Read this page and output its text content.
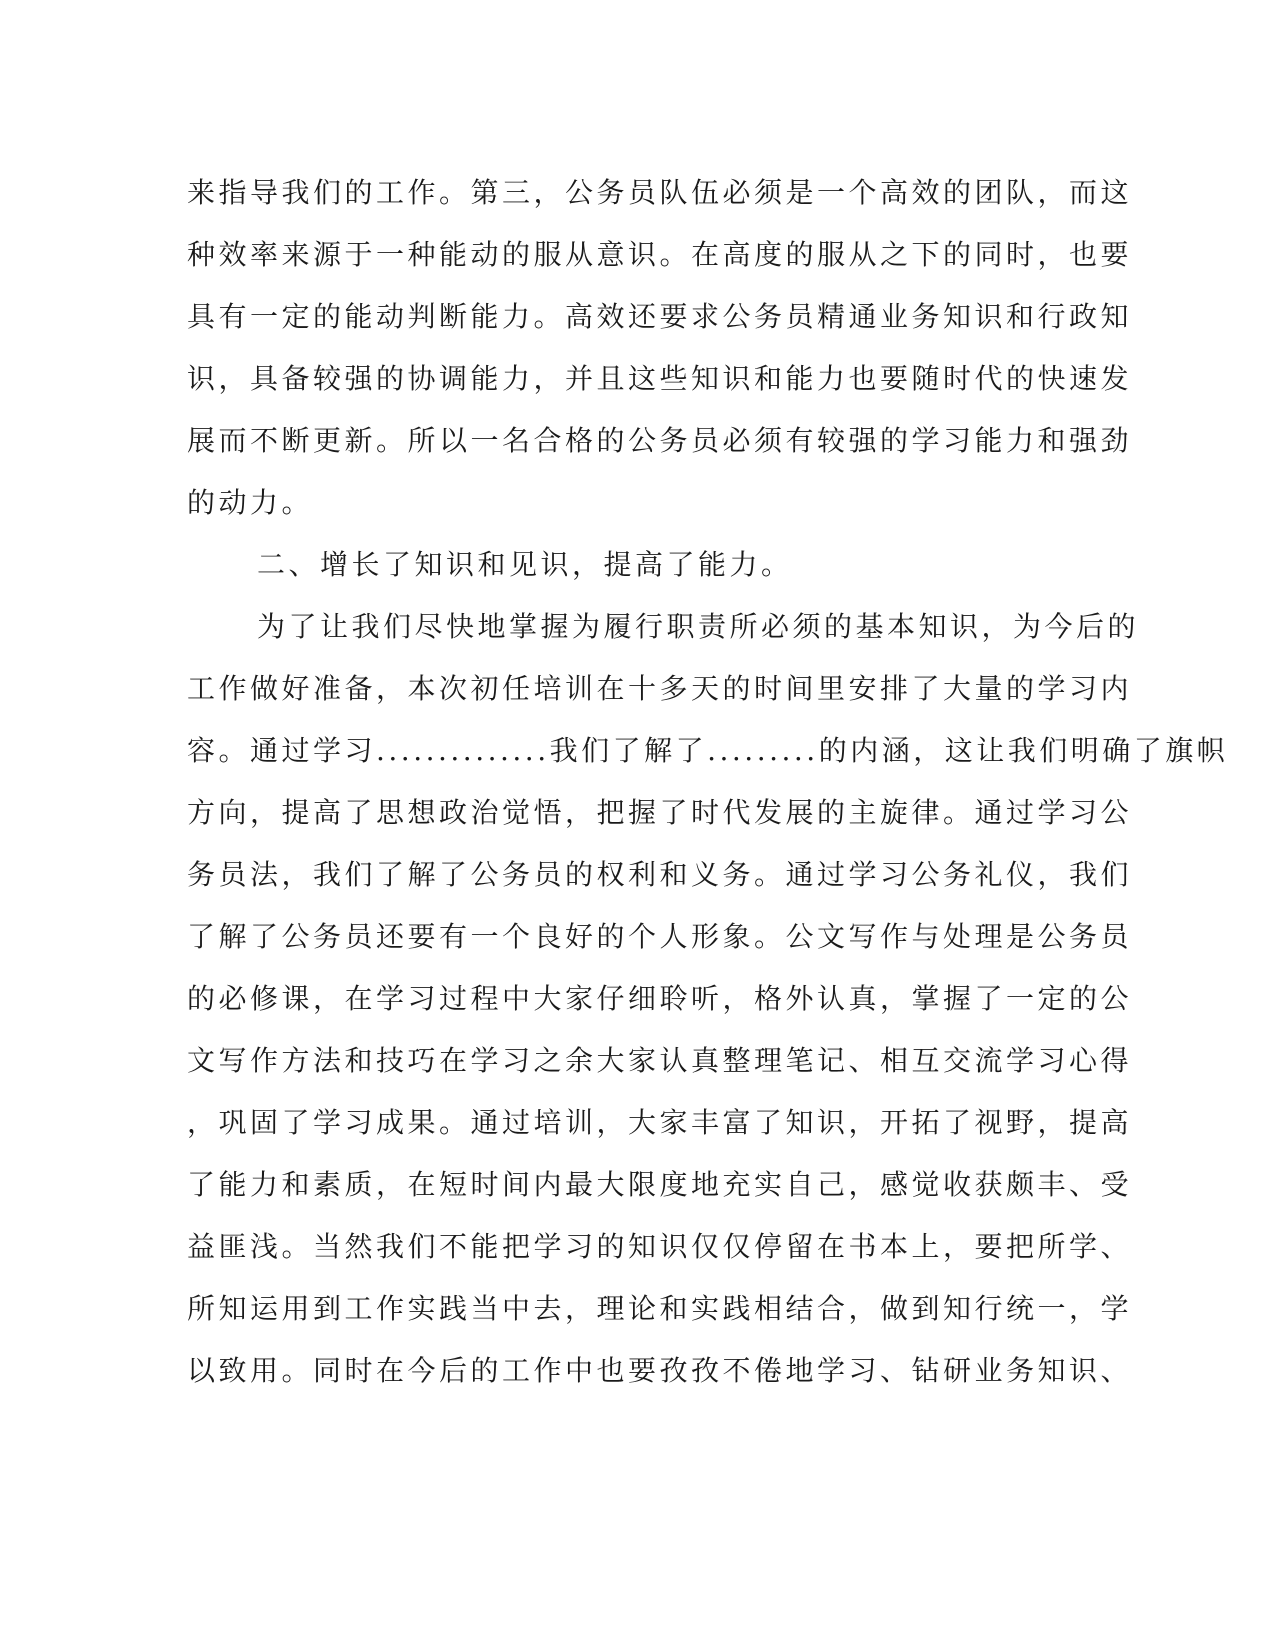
来指导我们的工作。第三，公务员队伍必须是一个高效的团队，而这
种效率来源于一种能动的服从意识。在高度的服从之下的同时，也要
具有一定的能动判断能力。高效还要求公务员精通业务知识和行政知
识，具备较强的协调能力，并且这些知识和能力也要随时代的快速发
展而不断更新。所以一名合格的公务员必须有较强的学习能力和强劲
的动力。
二、增长了知识和见识，提高了能力。
为了让我们尽快地掌握为履行职责所必须的基本知识，为今后的
工作做好准备，本次初任培训在十多天的时间里安排了大量的学习内
容。通过学习..............我们了解了.........的内涵，这让我们明确了旗帜
方向，提高了思想政治觉悟，把握了时代发展的主旋律。通过学习公
务员法，我们了解了公务员的权利和义务。通过学习公务礼仪，我们
了解了公务员还要有一个良好的个人形象。公文写作与处理是公务员
的必修课，在学习过程中大家仔细聆听，格外认真，掌握了一定的公
文写作方法和技巧在学习之余大家认真整理笔记、相互交流学习心得
，巩固了学习成果。通过培训，大家丰富了知识，开拓了视野，提高
了能力和素质，在短时间内最大限度地充实自己，感觉收获颇丰、受
益匪浅。当然我们不能把学习的知识仅仅停留在书本上，要把所学、
所知运用到工作实践当中去，理论和实践相结合，做到知行统一，学
以致用。同时在今后的工作中也要孜孜不倦地学习、钻研业务知识、
